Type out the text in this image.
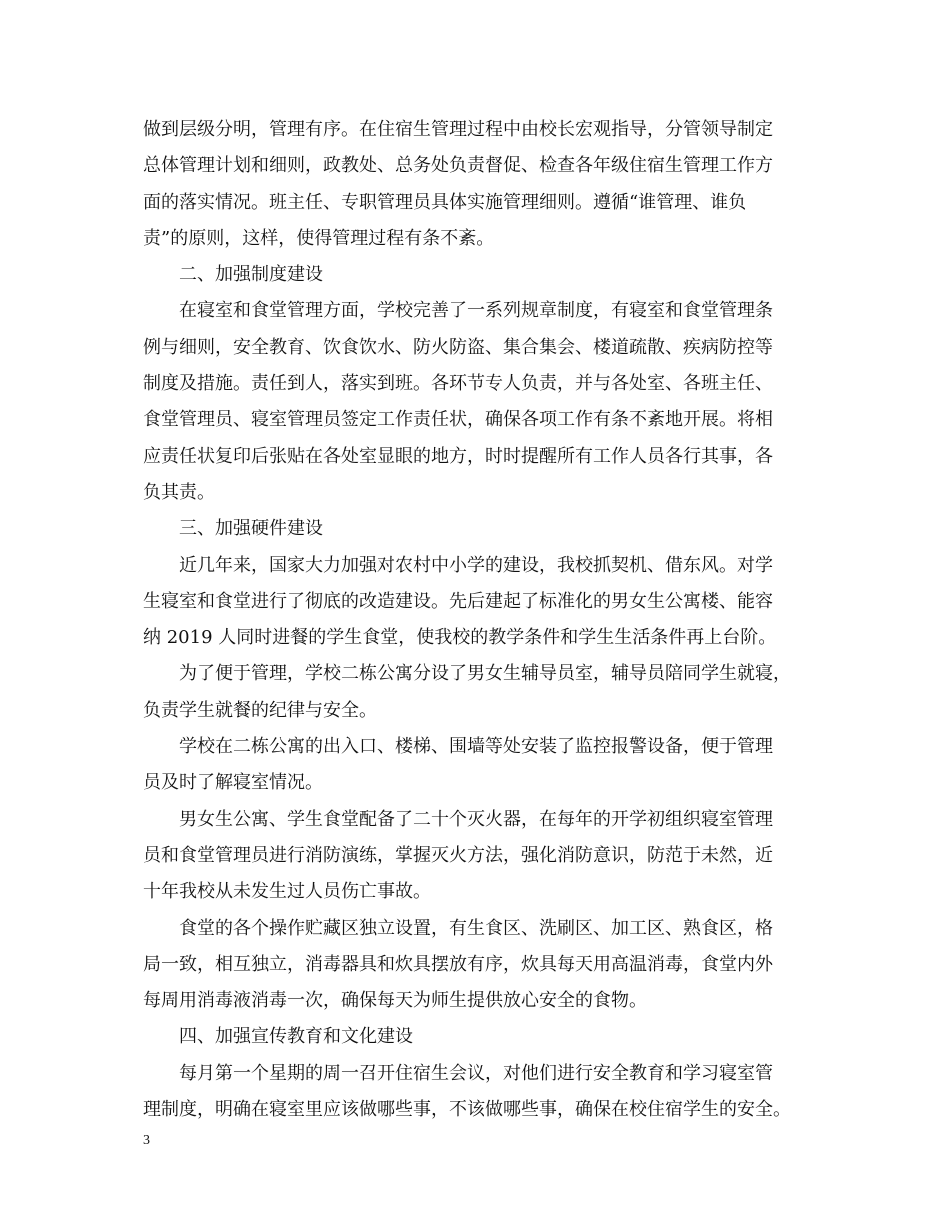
做到层级分明，管理有序。在住宿生管理过程中由校长宏观指导，分管领导制定
总体管理计划和细则，政教处、总务处负责督促、检查各年级住宿生管理工作方
面的落实情况。班主任、专职管理员具体实施管理细则。遵循“谁管理、谁负
责”的原则，这样，使得管理过程有条不紊。
二、加强制度建设
在寝室和食堂管理方面，学校完善了一系列规章制度，有寝室和食堂管理条
例与细则，安全教育、饮食饮水、防火防盗、集合集会、楼道疏散、疾病防控等
制度及措施。责任到人，落实到班。各环节专人负责，并与各处室、各班主任、
食堂管理员、寝室管理员签定工作责任状，确保各项工作有条不紊地开展。将相
应责任状复印后张贴在各处室显眼的地方，时时提醒所有工作人员各行其事，各
负其责。
三、加强硬件建设
近几年来，国家大力加强对农村中小学的建设，我校抓契机、借东风。对学
生寝室和食堂进行了彻底的改造建设。先后建起了标准化的男女生公寓楼、能容
纳 2019 人同时进餐的学生食堂，使我校的教学条件和学生生活条件再上台阶。
为了便于管理，学校二栋公寓分设了男女生辅导员室，辅导员陪同学生就寝，
负责学生就餐的纪律与安全。
学校在二栋公寓的出入口、楼梯、围墙等处安装了监控报警设备，便于管理
员及时了解寝室情况。
男女生公寓、学生食堂配备了二十个灭火器，在每年的开学初组织寝室管理
员和食堂管理员进行消防演练，掌握灭火方法，强化消防意识，防范于未然，近
十年我校从未发生过人员伤亡事故。
食堂的各个操作贮藏区独立设置，有生食区、洗刷区、加工区、熟食区，格
局一致，相互独立，消毒器具和炊具摆放有序，炊具每天用高温消毒，食堂内外
每周用消毒液消毒一次，确保每天为师生提供放心安全的食物。
四、加强宣传教育和文化建设
每月第一个星期的周一召开住宿生会议，对他们进行安全教育和学习寝室管
理制度，明确在寝室里应该做哪些事，不该做哪些事，确保在校住宿学生的安全。
3
